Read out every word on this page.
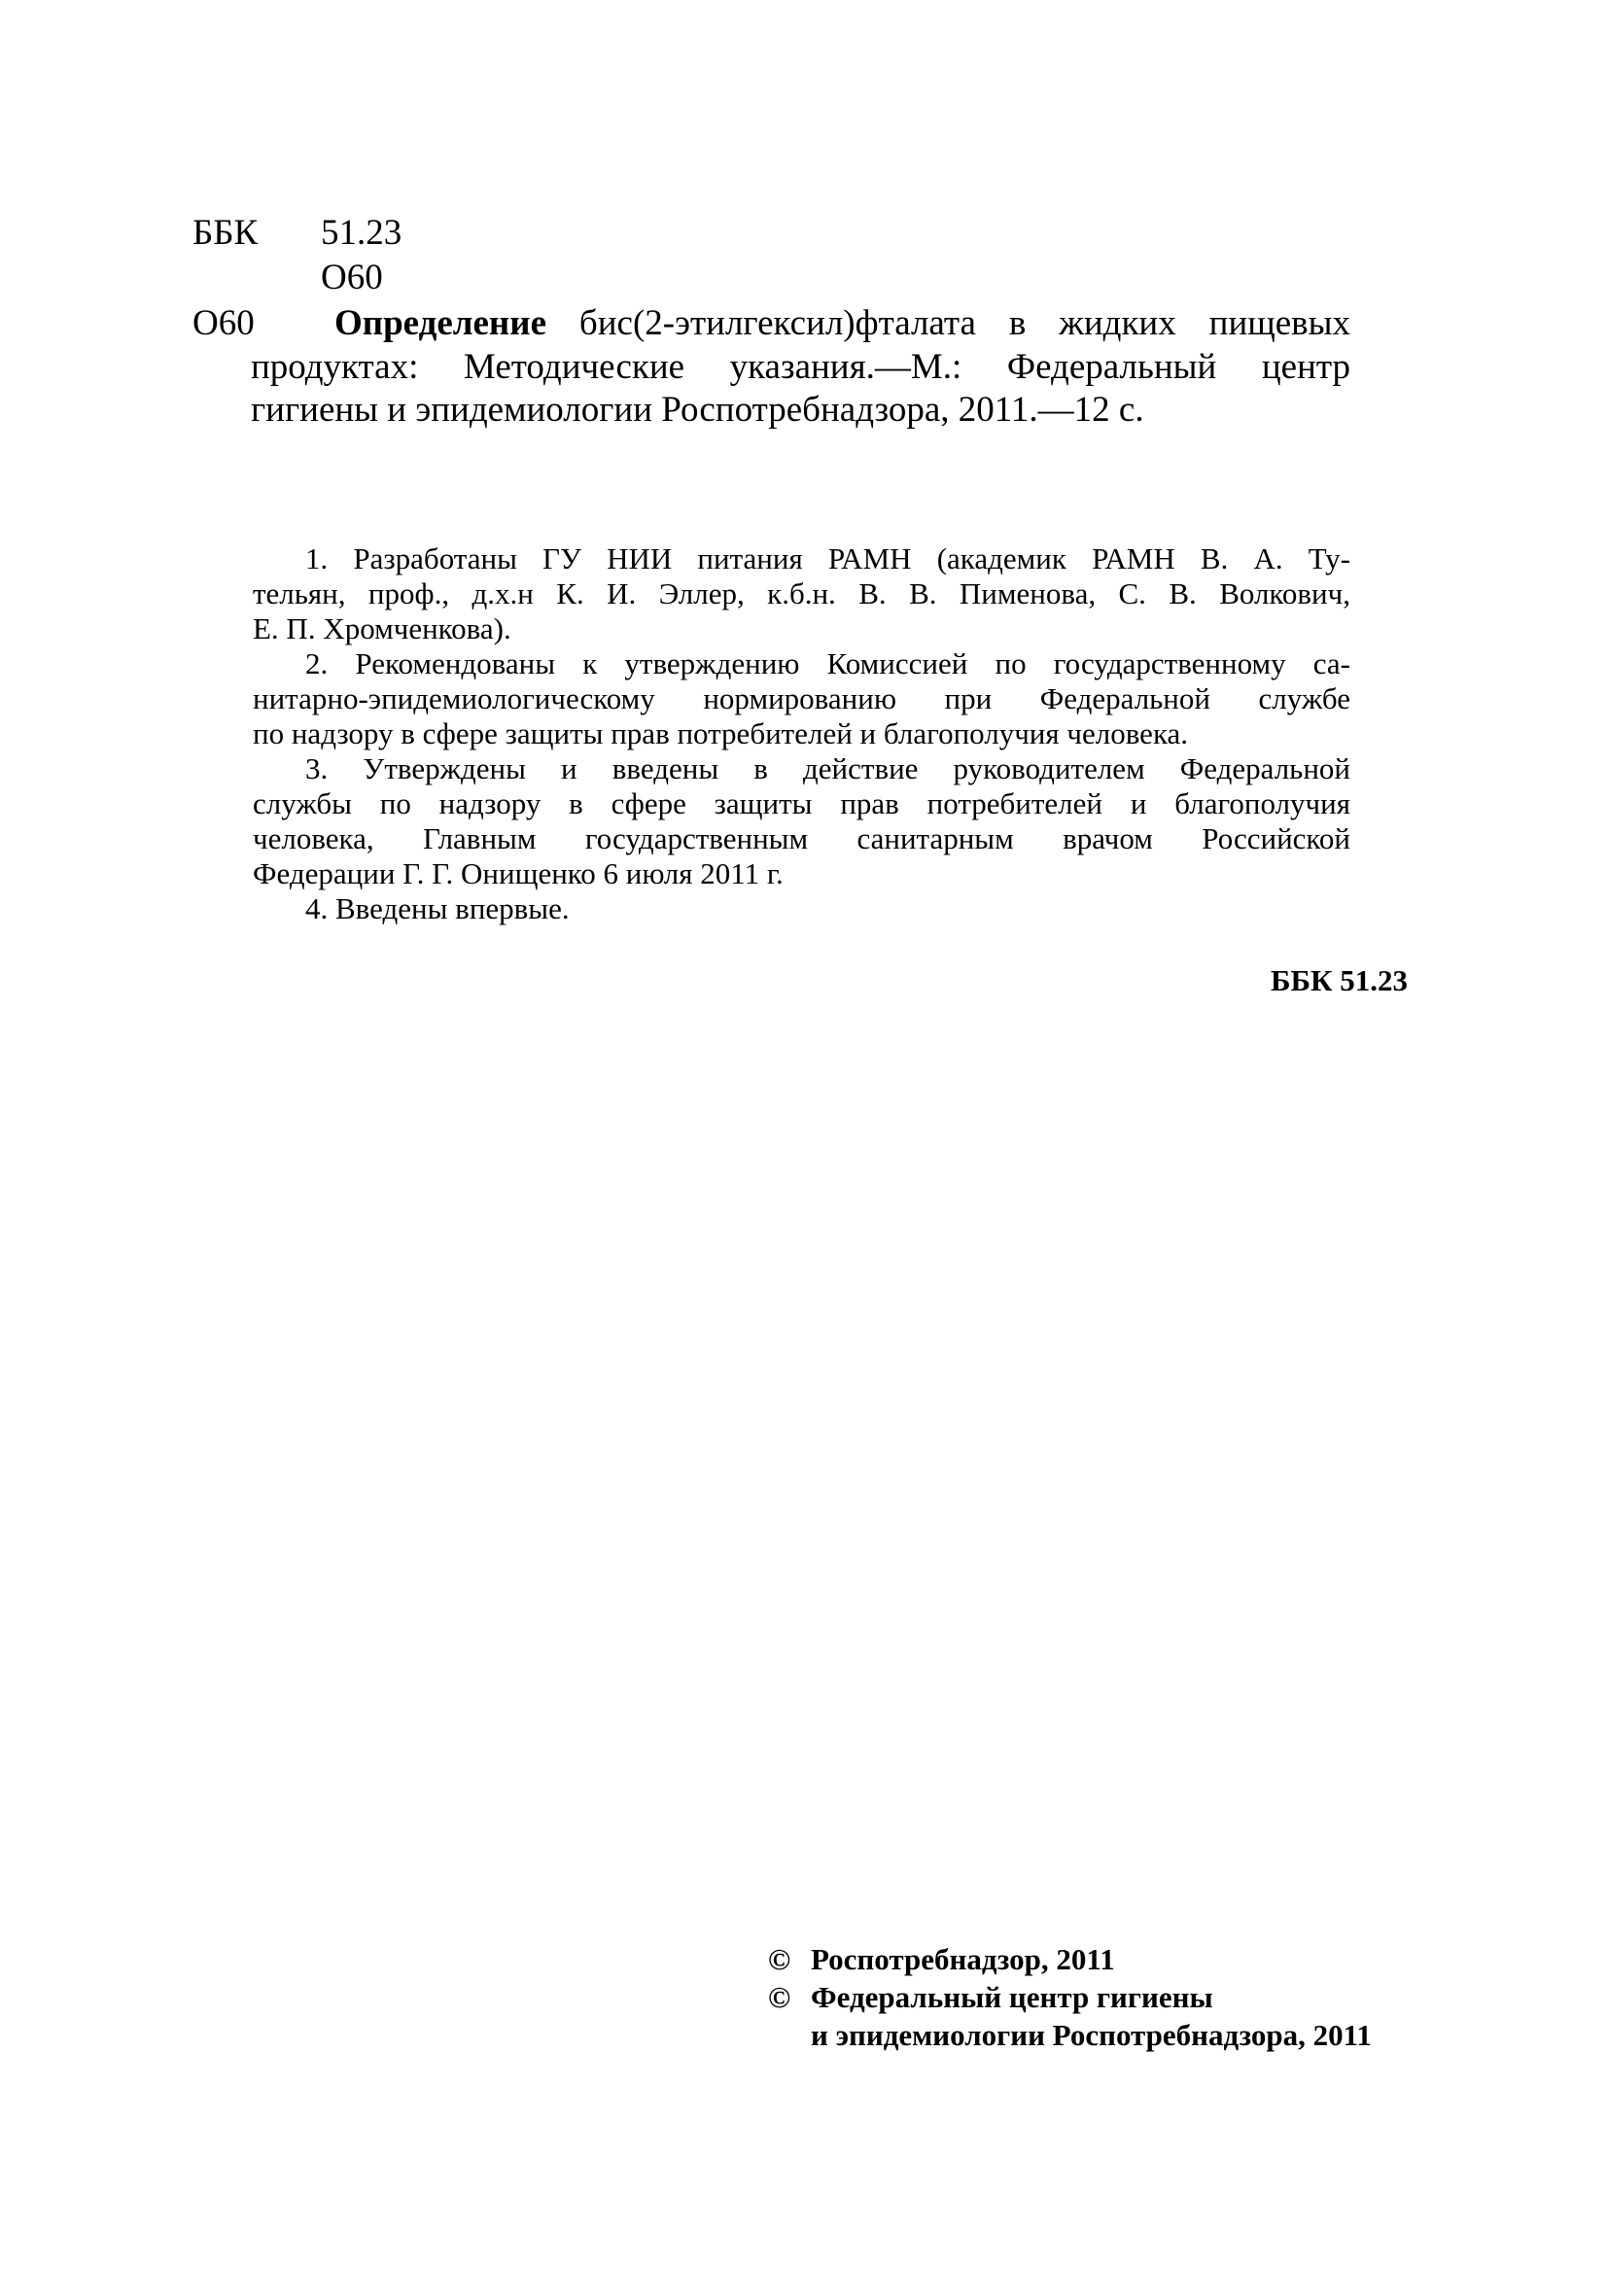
ББК 51.23
О60
О60 Определение бис(2-этилгексил)фталата в жидких пищевых
продуктах: Методические указания.—М.: Федеральный центр
гигиены и эпидемиологии Роспотребнадзора, 2011.—12 с.
1. Разработаны ГУ НИИ питания РАМН (академик РАМН В. А. Ту-
тельян, проф., д.х.н К. И. Эллер, к.б.н. В. В. Пименова, С. В. Волкович,
Е. П. Хромченкова).
2. Рекомендованы к утверждению Комиссией по государственному са-
нитарно-эпидемиологическому нормированию при Федеральной службе
по надзору в сфере защиты прав потребителей и благополучия человека.
3. Утверждены и введены в действие руководителем Федеральной
службы по надзору в сфере защиты прав потребителей и благополучия
человека, Главным государственным санитарным врачом Российской
Федерации Г. Г. Онищенко 6 июля 2011 г.
4. Введены впервые.
ББК 51.23
© Роспотребнадзор, 2011
© Федеральный центр гигиены
и эпидемиологии Роспотребнадзора, 2011
